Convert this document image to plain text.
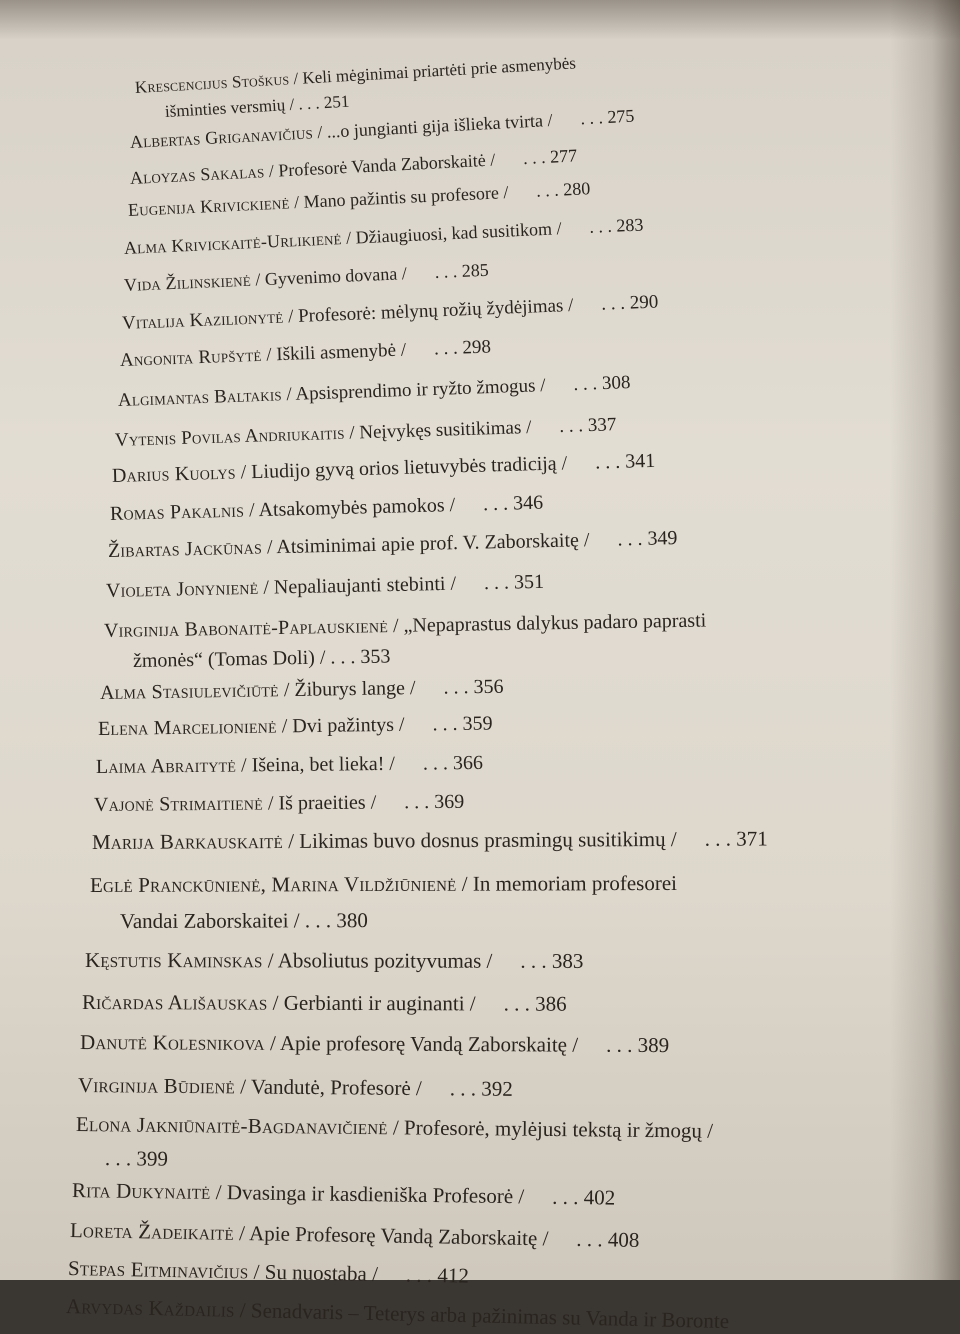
Krescencijus Stoškus / Keli mėginimai priartėti prie asmenybės
išminties versmių / . . . 251
Albertas Griganavičius / ...o jungianti gija išlieka tvirta / . . . 275
Aloyzas Sakalas / Profesorė Vanda Zaborskaitė / . . . 277
Eugenija Krivickienė / Mano pažintis su profesore / . . . 280
Alma Krivickaitė-Urlikienė / Džiaugiuosi, kad susitikom / . . . 283
Vida Žilinskienė / Gyvenimo dovana / . . . 285
Vitalija Kazilionytė / Profesorė: mėlynų rožių žydėjimas / . . . 290
Angonita Rupšytė / Iškili asmenybė / . . . 298
Algimantas Baltakis / Apsisprendimo ir ryžto žmogus / . . . 308
Vytenis Povilas Andriukaitis / Neįvykęs susitikimas / . . . 337
Darius Kuolys / Liudijo gyvą orios lietuvybės tradiciją / . . . 341
Romas Pakalnis / Atsakomybės pamokos / . . . 346
Žibartas Jackūnas / Atsiminimai apie prof. V. Zaborskaitę / . . . 349
Violeta Jonynienė / Nepaliaujanti stebinti / . . . 351
Virginija Babonaitė-Paplauskienė / „Nepaprastus dalykus padaro paprasti
žmonės“ (Tomas Doli) / . . . 353
Alma Stasiulevičiūtė / Žiburys lange / . . . 356
Elena Marcelionienė / Dvi pažintys / . . . 359
Laima Abraitytė / Išeina, bet lieka! / . . . 366
Vajonė Strimaitienė / Iš praeities / . . . 369
Marija Barkauskaitė / Likimas buvo dosnus prasmingų susitikimų / . . . 371
Eglė Pranckūnienė, Marina Vildžiūnienė / In memoriam profesorei
Vandai Zaborskaitei / . . . 380
Kęstutis Kaminskas / Absoliutus pozityvumas / . . . 383
Ričardas Ališauskas / Gerbianti ir auginanti / . . . 386
Danutė Kolesnikova / Apie profesorę Vandą Zaborskaitę / . . . 389
Virginija Būdienė / Vandutė, Profesorė / . . . 392
Elona Jakniūnaitė-Bagdanavičienė / Profesorė, mylėjusi tekstą ir žmogų /
. . . 399
Rita Dukynaitė / Dvasinga ir kasdieniška Profesorė / . . . 402
Loreta Žadeikaitė / Apie Profesorę Vandą Zaborskaitę / . . . 408
Stepas Eitminavičius / Su nuostaba / . . . 412
Arvydas Každailis / Senadvaris – Teterys arba pažinimas su Vanda ir Boronte
